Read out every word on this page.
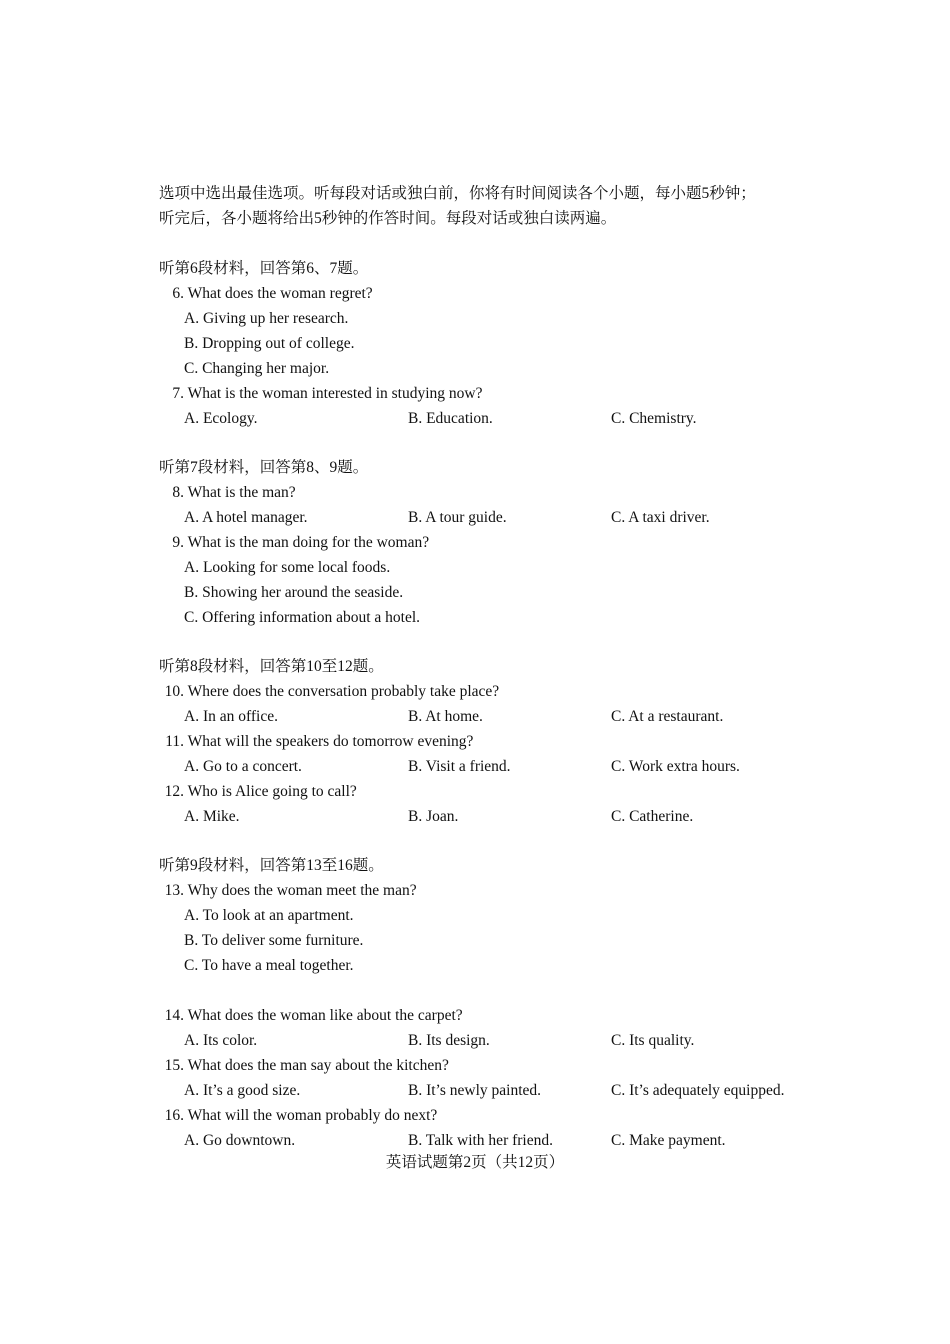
选项中选出最佳选项。听每段对话或独白前，你将有时间阅读各个小题，每小题5秒钟；

听完后，各小题将给出5秒钟的作答时间。每段对话或独白读两遍。

听第6段材料，回答第6、7题。
6. What does the woman regret?
A. Giving up her research.
B. Dropping out of college.
C. Changing her major.
7. What is the woman interested in studying now?
A. Ecology.	B. Education.	C. Chemistry.
听第7段材料，回答第8、9题。
8. What is the man?
A. A hotel manager.	B. A tour guide.	C. A taxi driver.
9. What is the man doing for the woman?
A. Looking for some local foods.
B. Showing her around the seaside.
C. Offering information about a hotel.
听第8段材料，回答第10至12题。
10. Where does the conversation probably take place?
A. In an office.	B. At home.	C. At a restaurant.
11. What will the speakers do tomorrow evening?
A. Go to a concert.	B. Visit a friend.	C. Work extra hours.
12. Who is Alice going to call?
A. Mike.	B. Joan.	C. Catherine.
听第9段材料，回答第13至16题。
13. Why does the woman meet the man?
A. To look at an apartment.
B. To deliver some furniture.
C. To have a meal together.
14. What does the woman like about the carpet?
A. Its color.	B. Its design.	C. Its quality.
15. What does the man say about the kitchen?
A. It’s a good size.	B. It’s newly painted.	C. It’s adequately equipped.
16. What will the woman probably do next?
A. Go downtown.	B. Talk with her friend.	C. Make payment.
英语试题第2页（共12页）
